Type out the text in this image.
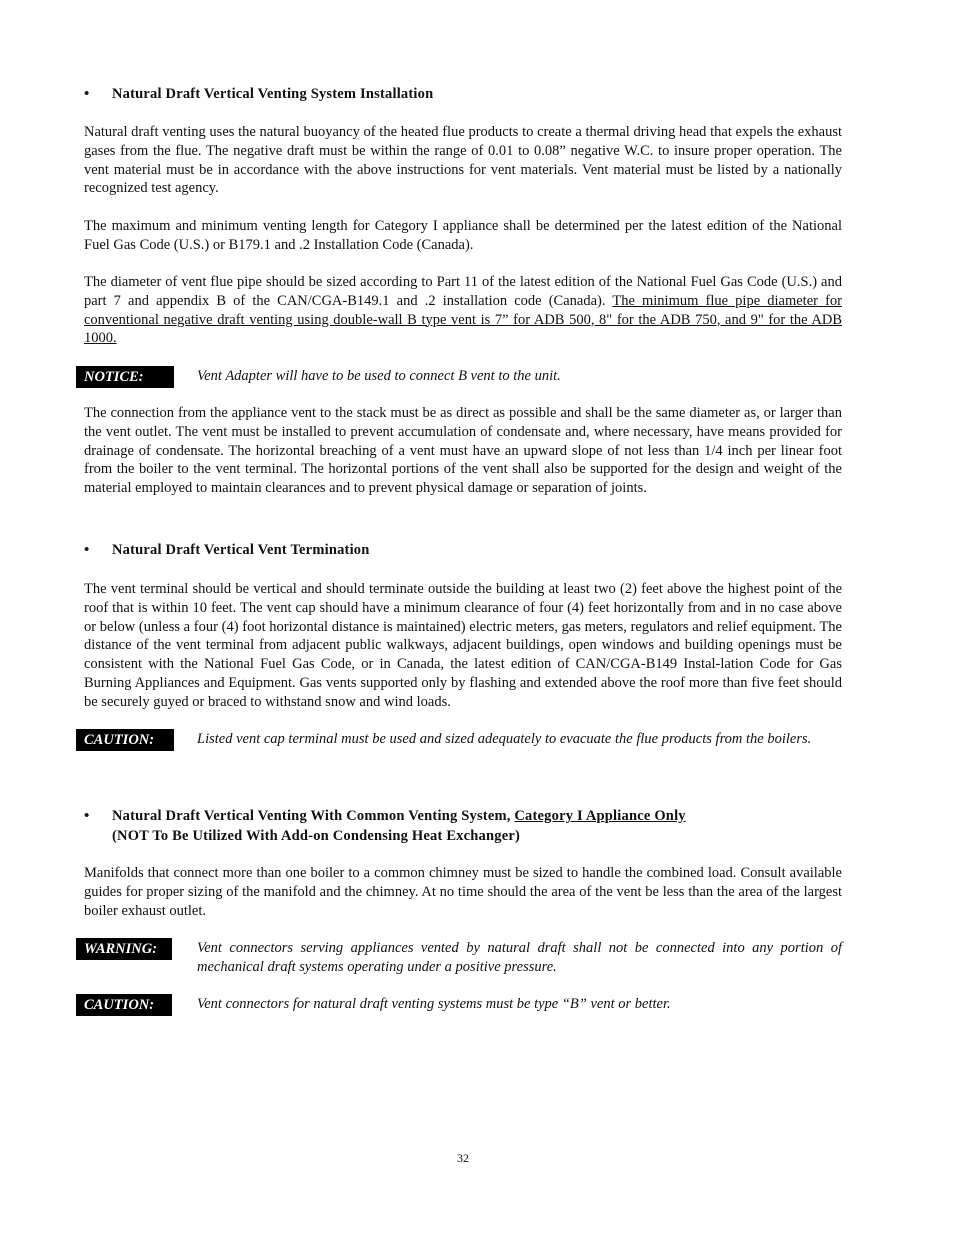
• Natural Draft Vertical Venting System Installation
Natural draft venting uses the natural buoyancy of the heated flue products to create a thermal driving head that expels the exhaust gases from the flue. The negative draft must be within the range of 0.01 to 0.08” negative W.C. to insure proper operation. The vent material must be in accordance with the above instructions for vent materials. Vent material must be listed by a nationally recognized test agency.
The maximum and minimum venting length for Category I appliance shall be determined per the latest edition of the National Fuel Gas Code (U.S.) or B179.1 and .2 Installation Code (Canada).
The diameter of vent flue pipe should be sized according to Part 11 of the latest edition of the National Fuel Gas Code (U.S.) and part 7 and appendix B of the CAN/CGA-B149.1 and .2 installation code (Canada). The minimum flue pipe diameter for conventional negative draft venting using double-wall B type vent is 7” for ADB 500, 8" for the ADB 750, and 9" for the ADB 1000.
NOTICE:	Vent Adapter will have to be used to connect B vent to the unit.
The connection from the appliance vent to the stack must be as direct as possible and shall be the same diameter as, or larger than the vent outlet. The vent must be installed to prevent accumulation of condensate and, where necessary, have means provided for drainage of condensate. The horizontal breaching of a vent must have an upward slope of not less than 1/4 inch per linear foot from the boiler to the vent terminal. The horizontal portions of the vent shall also be supported for the design and weight of the material employed to maintain clearances and to prevent physical damage or separation of joints.
• Natural Draft Vertical Vent Termination
The vent terminal should be vertical and should terminate outside the building at least two (2) feet above the highest point of the roof that is within 10 feet. The vent cap should have a minimum clearance of four (4) feet horizontally from and in no case above or below (unless a four (4) foot horizontal distance is maintained) electric meters, gas meters, regulators and relief equipment. The distance of the vent terminal from adjacent public walkways, adjacent buildings, open windows and building openings must be consistent with the National Fuel Gas Code, or in Canada, the latest edition of CAN/CGA-B149 Instal-lation Code for Gas Burning Appliances and Equipment. Gas vents supported only by flashing and extended above the roof more than five feet should be securely guyed or braced to withstand snow and wind loads.
CAUTION:	Listed vent cap terminal must be used and sized adequately to evacuate the flue products from the boilers.
• Natural Draft Vertical Venting With Common Venting System, Category I Appliance Only
(NOT To Be Utilized With Add-on Condensing Heat Exchanger)
Manifolds that connect more than one boiler to a common chimney must be sized to handle the combined load. Consult available guides for proper sizing of the manifold and the chimney. At no time should the area of the vent be less than the area of the largest boiler exhaust outlet.
WARNING:	Vent connectors serving appliances vented by natural draft shall not be connected into any portion of mechanical draft systems operating under a positive pressure.
CAUTION:	Vent connectors for natural draft venting systems must be type “B” vent or better.
32
